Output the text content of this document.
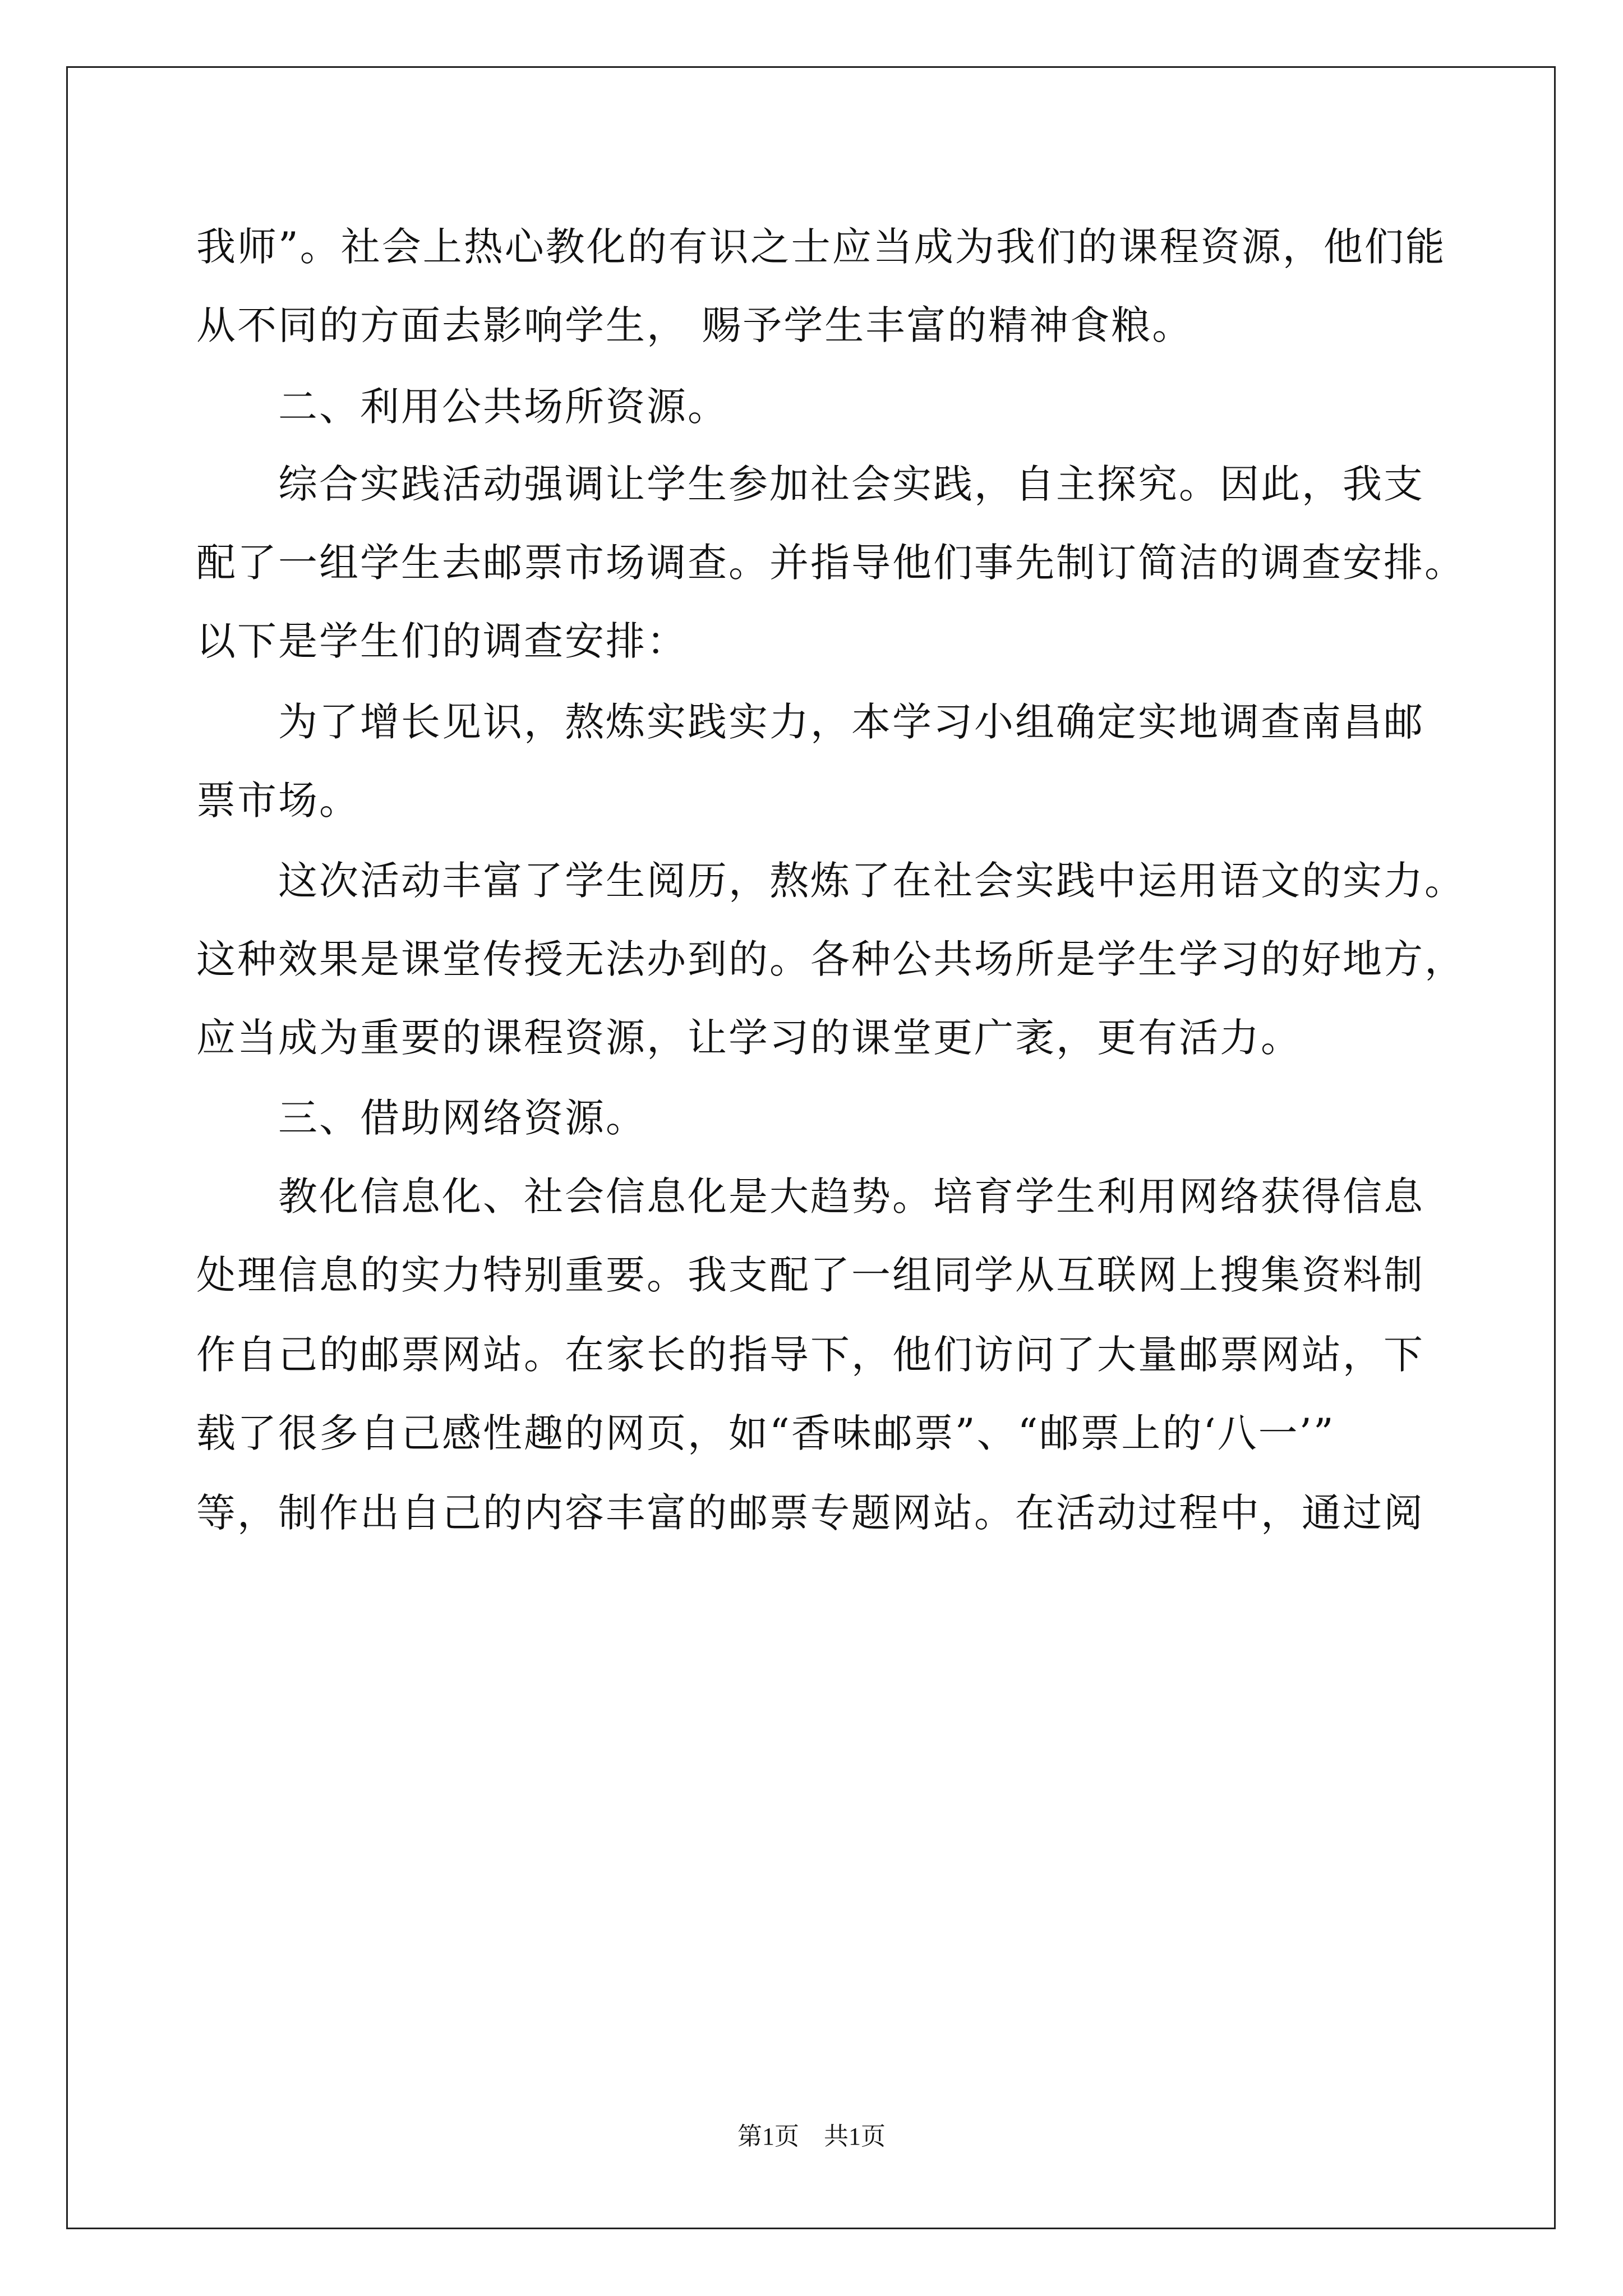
我师”。社会上热心教化的有识之士应当成为我们的课程资源，他们能
从不同的方面去影响学生， 赐予学生丰富的精神食粮。
　　二、利用公共场所资源。
　　综合实践活动强调让学生参加社会实践，自主探究。因此，我支
配了一组学生去邮票市场调查。并指导他们事先制订简洁的调查安排。
以下是学生们的调查安排：
　　为了增长见识，熬炼实践实力，本学习小组确定实地调查南昌邮
票市场。
　　这次活动丰富了学生阅历，熬炼了在社会实践中运用语文的实力。
这种效果是课堂传授无法办到的。各种公共场所是学生学习的好地方，
应当成为重要的课程资源，让学习的课堂更广袤，更有活力。
　　三、借助网络资源。
　　教化信息化、社会信息化是大趋势。培育学生利用网络获得信息
处理信息的实力特别重要。我支配了一组同学从互联网上搜集资料制
作自己的邮票网站。在家长的指导下，他们访问了大量邮票网站，下
载了很多自己感性趣的网页，如“香味邮票”、“邮票上的‘八一’”
等，制作出自己的内容丰富的邮票专题网站。在活动过程中，通过阅
第1页　共1页
